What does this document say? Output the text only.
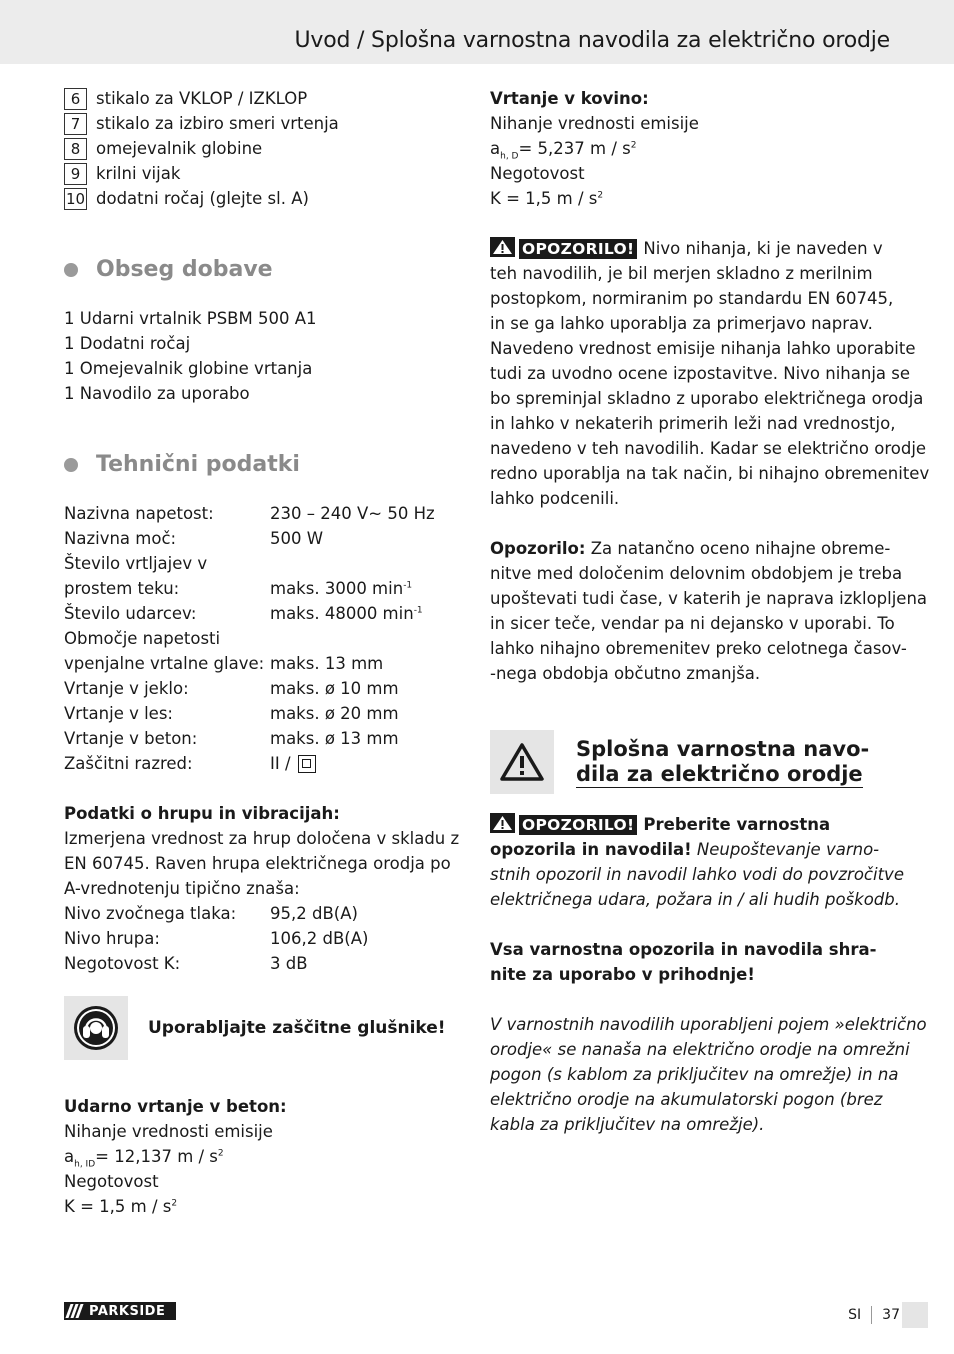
Uvod / Splošna varnostna navodila za električno orodje
6 stikalo za VKLOP / IZKLOP
7 stikalo za izbiro smeri vrtenja
8 omejevalnik globine
9 krilni vijak
10 dodatni ročaj (glejte sl. A)
Obseg dobave

1 Udarni vrtalnik PSBM 500 A1

1 Dodatni ročaj

1 Omejevalnik globine vrtanja

1 Navodilo za uporabo

Tehnični podatki
Nazivna napetost:	230 – 240 V~ 50 Hz
Nazivna moč:	500 W
Število vrtljajev v
prostem teku:	maks. 3000 $\min^{-1}$
Število udarcev:	maks. 48000 $\min^{-1}$
Območje napetosti
vpenjalne vrtalne glave: maks. 13 mm
Vrtanje v jeklo:	maks. ø 10 mm
Vrtanje v les:	maks. ø 20 mm
Vrtanje v beton:	maks. ø 13 mm
Zaščitni razred:	II /

Podatki o hrupu in vibracijah:

Izmerjena vrednost za hrup določena v skladu z

EN 60745. Raven hrupa električnega orodja po

A-vrednotenju tipično znaša:

Nivo zvočnega tlaka:	95,2 dB(A)
Nivo hrupa:	106,2 dB(A)
Negotovost K:	3 dB
Uporabljajte zaščitne glušnike!

Udarno vrtanje v beton:

Nihanje vrednosti emisije

$a_{h, ID}= 12,137$ m / $s^2$

Negotovost

K = 1,5 m / $s^2$

Vrtanje v kovino:

Nihanje vrednosti emisije

$a_{h, D}= 5,237$ m / $s^2$

Negotovost

K = 1,5 m / $s^2$

OPOZORILO! Nivo nihanja, ki je naveden v

teh navodilih, je bil merjen skladno z merilnim

postopkom, normiranim po standardu EN 60745,

in se ga lahko uporablja za primerjavo naprav.

Navedeno vrednost emisije nihanja lahko uporabite

tudi za uvodno ocene izpostavitve. Nivo nihanja se

bo spreminjal skladno z uporabo električnega orodja

in lahko v nekaterih primerih leži nad vrednostjo,

navedeno v teh navodilih. Kadar se električno orodje

redno uporablja na tak način, bi nihajno obremenitev

lahko podcenili.

Opozorilo: Za natančno oceno nihajne obreme-

nitve med določenim delovnim obdobjem je treba

upoštevati tudi čase, v katerih je naprava izklopljena

in sicer teče, vendar pa ni dejansko v uporabi. To

lahko nihajno obremenitev preko celotnega časov-

-nega obdobja občutno zmanjša.

Splošna varnostna navo-
dila za električno orodje

OPOZORILO! Preberite varnostna

opozorila in navodila! Neupoštevanje varno-

stnih opozoril in navodil lahko vodi do povzročitve

električnega udara, požara in / ali hudih poškodb.

Vsa varnostna opozorila in navodila shra-

nite za uporabo v prihodnje!

V varnostnih navodilih uporabljeni pojem »električno

orodje« se nanaša na električno orodje na omrežni

pogon (s kablom za priključitev na omrežje) in na

električno orodje na akumulatorski pogon (brez

kabla za priključitev na omrežje).

PARKSIDE	SI 37
